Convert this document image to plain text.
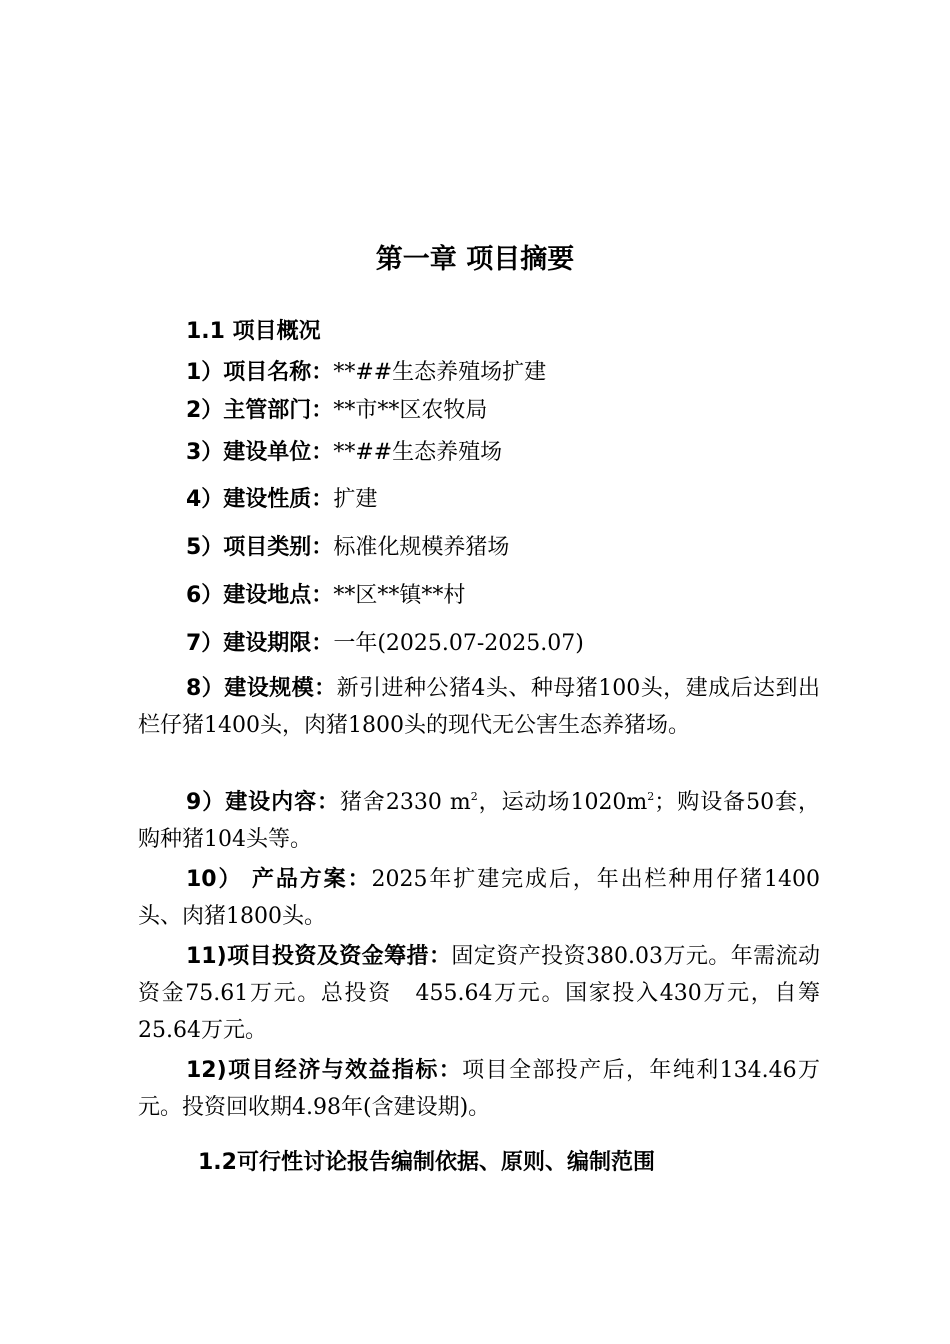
第一章 项目摘要
1.1 项目概况
1）项目名称：**##生态养殖场扩建
2）主管部门：**市**区农牧局
3）建设单位：**##生态养殖场
4）建设性质：扩建
5）项目类别：标准化规模养猪场
6）建设地点：**区**镇**村
7）建设期限：一年(2025.07-2025.07)
8）建设规模：新引进种公猪4头、种母猪100头，建成后达到出栏仔猪1400头，肉猪1800头的现代无公害生态养猪场。
9）建设内容：猪舍2330 $m^2$，运动场$1020m^2$；购设备50套，购种猪104头等。
10） 产品方案：2025年扩建完成后，年出栏种用仔猪1400头、肉猪1800头。
11)项目投资及资金筹措：固定资产投资380.03万元。年需流动资金75.61万元。总投资　455.64万元。国家投入430万元，自筹25.64万元。
12)项目经济与效益指标：项目全部投产后，年纯利134.46万元。投资回收期4.98年(含建设期)。
1.2可行性讨论报告编制依据、原则、编制范围
